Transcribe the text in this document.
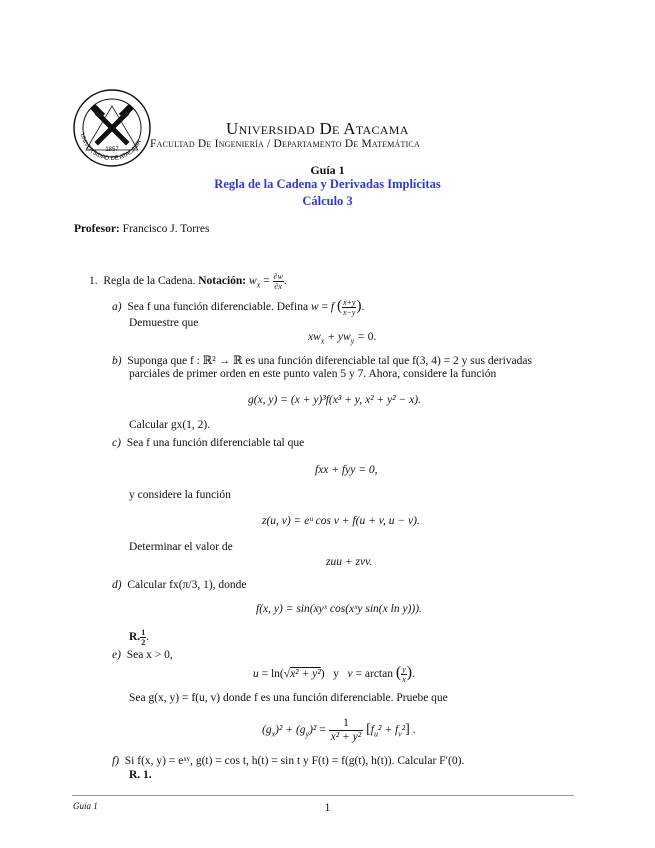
1857
UNIVERSIDAD DE ATACAMA
Universidad De Atacama
Facultad De Ingeniería / Departamento De Matemática
Guía 1
Regla de la Cadena y Derivadas Implícitas
Cálculo 3
Profesor: Francisco J. Torres
1. Regla de la Cadena. Notación: $w_x = \frac{\partial w}{\partial x}$ .
a) Sea f una función diferenciable. Defina w = f ( $\frac{x+y}{x-y}$ ).
Demuestre que
$xw_x + yw_y = 0$.
b) Suponga que f : ℝ² → ℝ es una función diferenciable tal que f(3, 4) = 2 y sus derivadas
parciales de primer orden en este punto valen 5 y 7. Ahora, considere la función
g(x, y) = (x + y)³f(x³ + y, x² + y² − x).
Calcular gx(1, 2).
c) Sea f una función diferenciable tal que
fxx + fyy = 0,
y considere la función
z(u, v) = eᵘ cos v + f(u + v, u − v).
Determinar el valor de
zuu + zvv.
d) Calcular fx(π/3, 1), donde
f(x, y) = sin(xyˣ cos(xˣy sin(x ln y))).
R. $\frac{1}{2}$ .
e) Sea x > 0,
u = ln(√x² + y²)   y   v = arctan ( $\frac{y}{x}$ ).
Sea g(x, y) = f(u, v) donde f es una función diferenciable. Pruebe que
$(g_x)^2 + (g_y)^2 = \frac{1}{\text{x² + y²}} [f_u^2 + f_v^2]$ .
f) Si f(x, y) = eˣʸ, g(t) = cos t, h(t) = sin t y F(t) = f(g(t), h(t)). Calcular F′(0).
R. 1.
Guía 1	1
